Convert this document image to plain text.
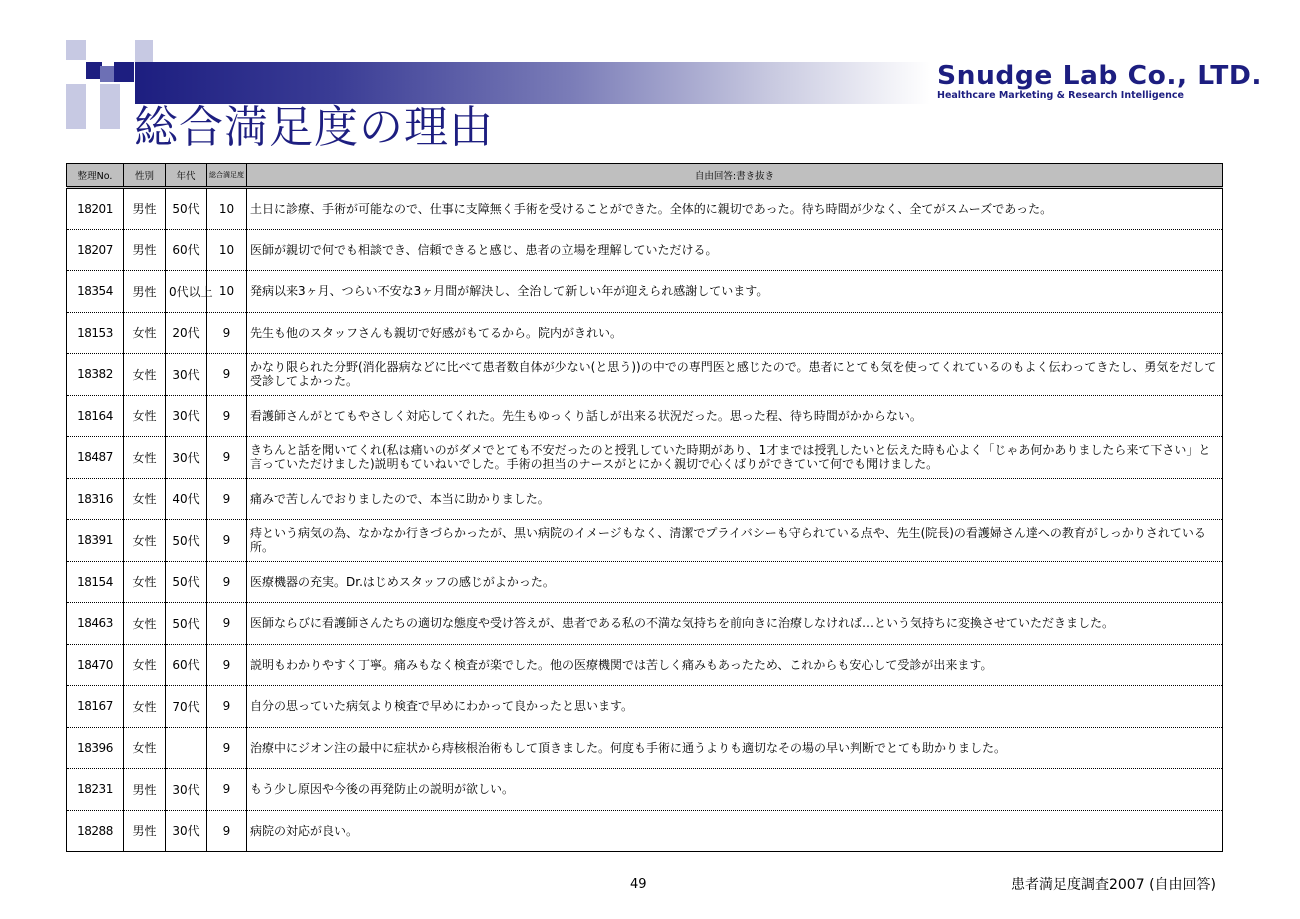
総合満足度の理由
Snudge Lab Co., LTD.
Healthcare Marketing & Research Intelligence
整理No.	性別	年代	総合満足度	自由回答:書き抜き
18201	男性	50代	10	土日に診療、手術が可能なので、仕事に支障無く手術を受けることができた。全体的に親切であった。待ち時間が少なく、全てがスムーズであった。
18207	男性	60代	10	医師が親切で何でも相談でき、信頼できると感じ、患者の立場を理解していただける。
18354	男性	0代以上	10	発病以来3ヶ月、つらい不安な3ヶ月間が解決し、全治して新しい年が迎えられ感謝しています。
18153	女性	20代	9	先生も他のスタッフさんも親切で好感がもてるから。院内がきれい。
18382	女性	30代	9	かなり限られた分野(消化器病などに比べて患者数自体が少ない(と思う))の中での専門医と感じたので。患者にとても気を使ってくれているのもよく伝わってきたし、勇気をだして受診してよかった。
18164	女性	30代	9	看護師さんがとてもやさしく対応してくれた。先生もゆっくり話しが出来る状況だった。思った程、待ち時間がかからない。
18487	女性	30代	9	きちんと話を聞いてくれ(私は痛いのがダメでとても不安だったのと授乳していた時期があり、1才までは授乳したいと伝えた時も心よく「じゃあ何かありましたら来て下さい」と言っていただけました)説明もていねいでした。手術の担当のナースがとにかく親切で心くばりができていて何でも聞けました。
18316	女性	40代	9	痛みで苦しんでおりましたので、本当に助かりました。
18391	女性	50代	9	痔という病気の為、なかなか行きづらかったが、黒い病院のイメージもなく、清潔でプライバシーも守られている点や、先生(院長)の看護婦さん達への教育がしっかりされている所。
18154	女性	50代	9	医療機器の充実。Dr.はじめスタッフの感じがよかった。
18463	女性	50代	9	医師ならびに看護師さんたちの適切な態度や受け答えが、患者である私の不満な気持ちを前向きに治療しなければ…という気持ちに変換させていただきました。
18470	女性	60代	9	説明もわかりやすく丁寧。痛みもなく検査が楽でした。他の医療機関では苦しく痛みもあったため、これからも安心して受診が出来ます。
18167	女性	70代	9	自分の思っていた病気より検査で早めにわかって良かったと思います。
18396	女性		9	治療中にジオン注の最中に症状から痔核根治術もして頂きました。何度も手術に通うよりも適切なその場の早い判断でとても助かりました。
18231	男性	30代	9	もう少し原因や今後の再発防止の説明が欲しい。
18288	男性	30代	9	病院の対応が良い。
49	患者満足度調査2007 (自由回答)
